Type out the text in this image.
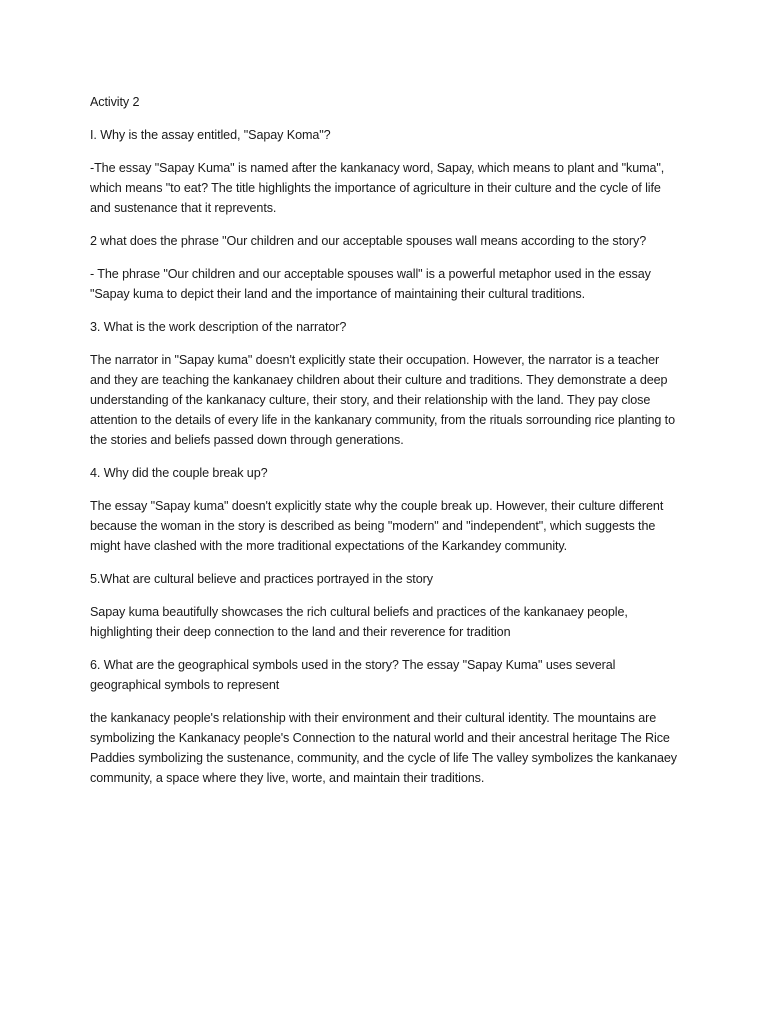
Activity 2

I. Why is the assay entitled, "Sapay Koma"?

-The essay "Sapay Kuma" is named after the kankanacy word, Sapay, which means to plant and "kuma", which means "to eat? The title highlights the importance of agriculture in their culture and the cycle of life and sustenance that it reprevents.

2 what does the phrase "Our children and our acceptable spouses wall means according to the story?

- The phrase "Our children and our acceptable spouses wall" is a powerful metaphor used in the essay "Sapay kuma to depict their land and the importance of maintaining their cultural traditions.

3. What is the work description of the narrator?

The narrator in "Sapay kuma" doesn't explicitly state their occupation. However, the narrator is a teacher and they are teaching the kankanaey children about their culture and traditions. They demonstrate a deep understanding of the kankanacy culture, their story, and their relationship with the land. They pay close attention to the details of every life in the kankanary community, from the rituals sorrounding rice planting to the stories and beliefs passed down through generations.

4. Why did the couple break up?

The essay "Sapay kuma" doesn't explicitly state why the couple break up. However, their culture different because the woman in the story is described as being "modern" and "independent", which suggests the might have clashed with the more traditional expectations of the Karkandey community.

5.What are cultural believe and practices portrayed in the story

Sapay kuma beautifully showcases the rich cultural beliefs and practices of the kankanaey people, highlighting their deep connection to the land and their reverence for tradition

6. What are the geographical symbols used in the story? The essay "Sapay Kuma" uses several geographical symbols to represent

the kankanacy people's relationship with their environment and their cultural identity. The mountains are symbolizing the Kankanacy people's Connection to the natural world and their ancestral heritage The Rice Paddies symbolizing the sustenance, community, and the cycle of life The valley symbolizes the kankanaey community, a space where they live, worte, and maintain their traditions.
